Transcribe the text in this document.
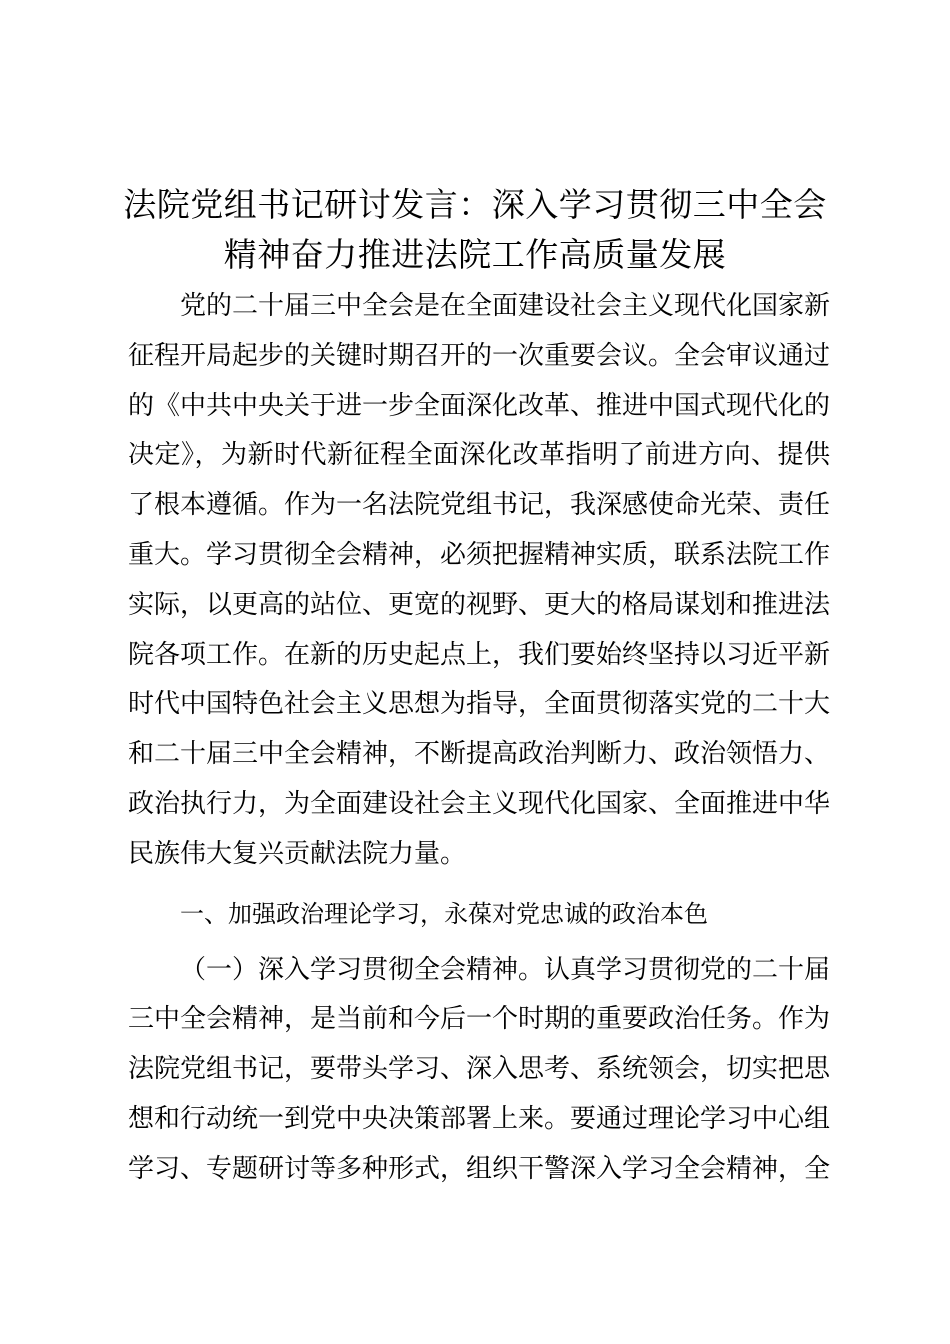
法院党组书记研讨发言：深入学习贯彻三中全会精神奋力推进法院工作高质量发展

党的二十届三中全会是在全面建设社会主义现代化国家新征程开局起步的关键时期召开的一次重要会议。全会审议通过的《中共中央关于进一步全面深化改革、推进中国式现代化的决定》，为新时代新征程全面深化改革指明了前进方向、提供了根本遵循。作为一名法院党组书记，我深感使命光荣、责任重大。学习贯彻全会精神，必须把握精神实质，联系法院工作实际，以更高的站位、更宽的视野、更大的格局谋划和推进法院各项工作。在新的历史起点上，我们要始终坚持以习近平新时代中国特色社会主义思想为指导，全面贯彻落实党的二十大和二十届三中全会精神，不断提高政治判断力、政治领悟力、政治执行力，为全面建设社会主义现代化国家、全面推进中华民族伟大复兴贡献法院力量。

一、加强政治理论学习，永葆对党忠诚的政治本色

（一）深入学习贯彻全会精神。认真学习贯彻党的二十届三中全会精神，是当前和今后一个时期的重要政治任务。作为法院党组书记，要带头学习、深入思考、系统领会，切实把思想和行动统一到党中央决策部署上来。要通过理论学习中心组学习、专题研讨等多种形式，组织干警深入学习全会精神，全
